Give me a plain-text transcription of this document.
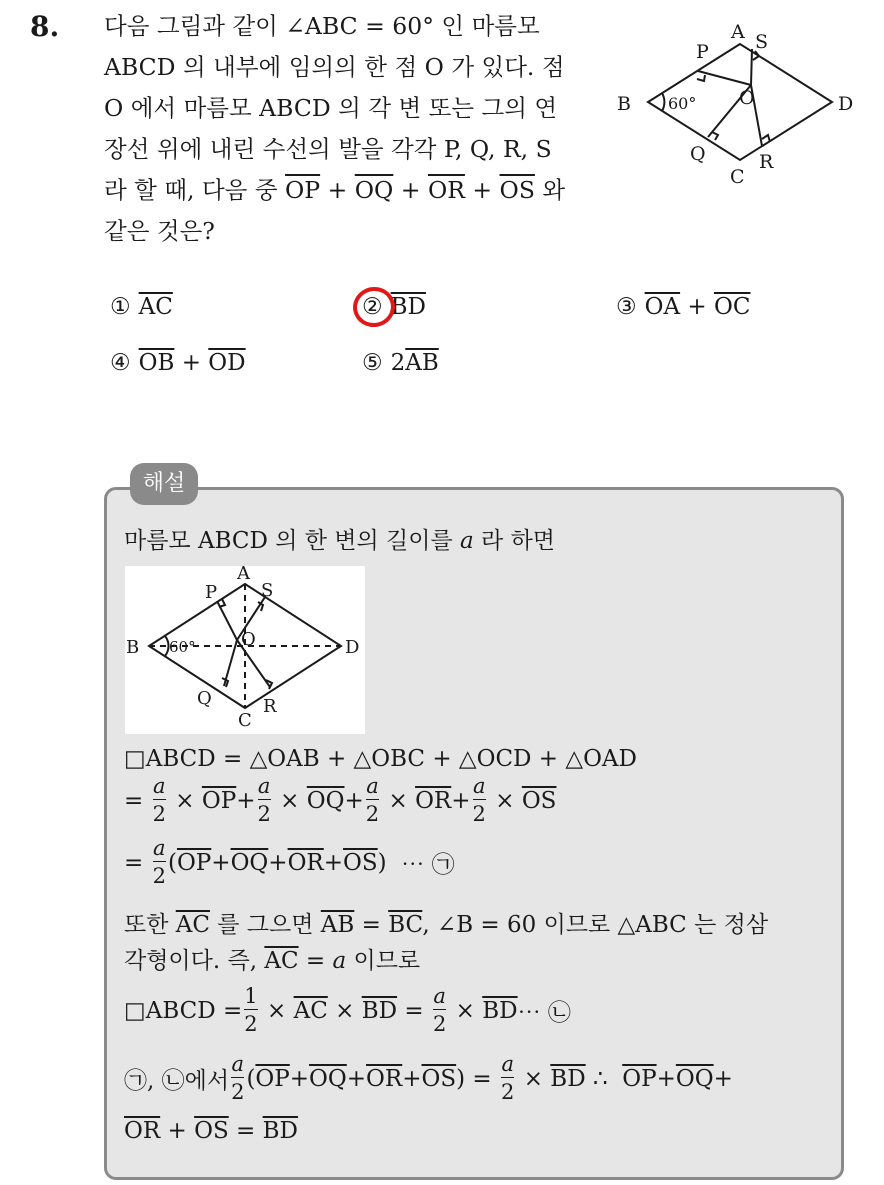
8. 다음 그림과 같이 ∠ABC = 60° 인 마름모
ABCD 의 내부에 임의의 한 점 O 가 있다. 점
O 에서 마름모 ABCD 의 각 변 또는 그의 연
장선 위에 내린 수선의 발을 각각 P, Q, R, S
라 할 때, 다음 중 $\overline{OP} + \overline{OQ} + \overline{OR} + \overline{OS}$ 와
같은 것은?
A
B
C
D
O
P
Q	R
S
60°
① $\overline{AC}$	② $\overline{BD}$	③ $\overline{OA} + \overline{OC}$
④ $\overline{OB} + \overline{OD}$	⑤ $2\overline{AB}$
해설
마름모 ABCD 의 한 변의 길이를 a 라 하면
A
B
C
D
O
P
Q	R
S
60°
□ABCD = △OAB + △OBC + △OCD + △OAD
= $\frac{a}{2} \times \overline{OP} + \frac{a}{2} \times \overline{OQ} + \frac{a}{2} \times \overline{OR} + \frac{a}{2} \times \overline{OS}$
= $\frac{a}{2}$ ( $\overline{OP} + \overline{OQ} + \overline{OR} + \overline{OS}$ ) ⋯ ㉠
또한 $\overline{AC}$ 를 그으면 $\overline{AB} = \overline{BC}$, ∠B = 60 이므로 △ABC 는 정삼
각형이다. 즉, $\overline{AC} = a$ 이므로
□ABCD = $\frac{1}{2} \times \overline{AC} \times \overline{BD} = \frac{a}{2} \times \overline{BD}$ ⋯ ㉡
㉠, ㉡에서 $\frac{a}{2}$ ( $\overline{OP} + \overline{OQ} + \overline{OR} + \overline{OS}$ ) = $\frac{a}{2} \times \overline{BD}$
∴
$\overline{OP} + \overline{OQ}$ +
$\overline{OR} + \overline{OS} = \overline{BD}$
